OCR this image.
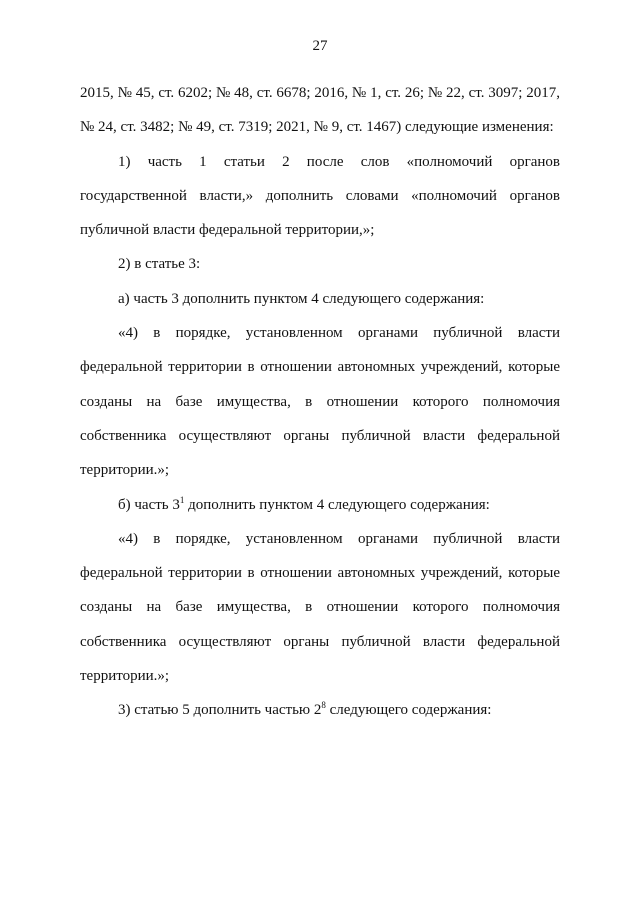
27

2015, № 45, ст. 6202; № 48, ст. 6678; 2016, № 1, ст. 26; № 22, ст. 3097; 2017, № 24, ст. 3482; № 49, ст. 7319; 2021, № 9, ст. 1467) следующие изменения:

1) часть 1 статьи 2 после слов «полномочий органов государственной власти,» дополнить словами «полномочий органов публичной власти федеральной территории,»;

2) в статье 3:

а) часть 3 дополнить пунктом 4 следующего содержания:

«4) в порядке, установленном органами публичной власти федеральной территории в отношении автономных учреждений, которые созданы на базе имущества, в отношении которого полномочия собственника осуществляют органы публичной власти федеральной территории.»;

б) часть $3^1$ дополнить пунктом 4 следующего содержания:

«4) в порядке, установленном органами публичной власти федеральной территории в отношении автономных учреждений, которые созданы на базе имущества, в отношении которого полномочия собственника осуществляют органы публичной власти федеральной территории.»;

3) статью 5 дополнить частью $2^8$ следующего содержания:
